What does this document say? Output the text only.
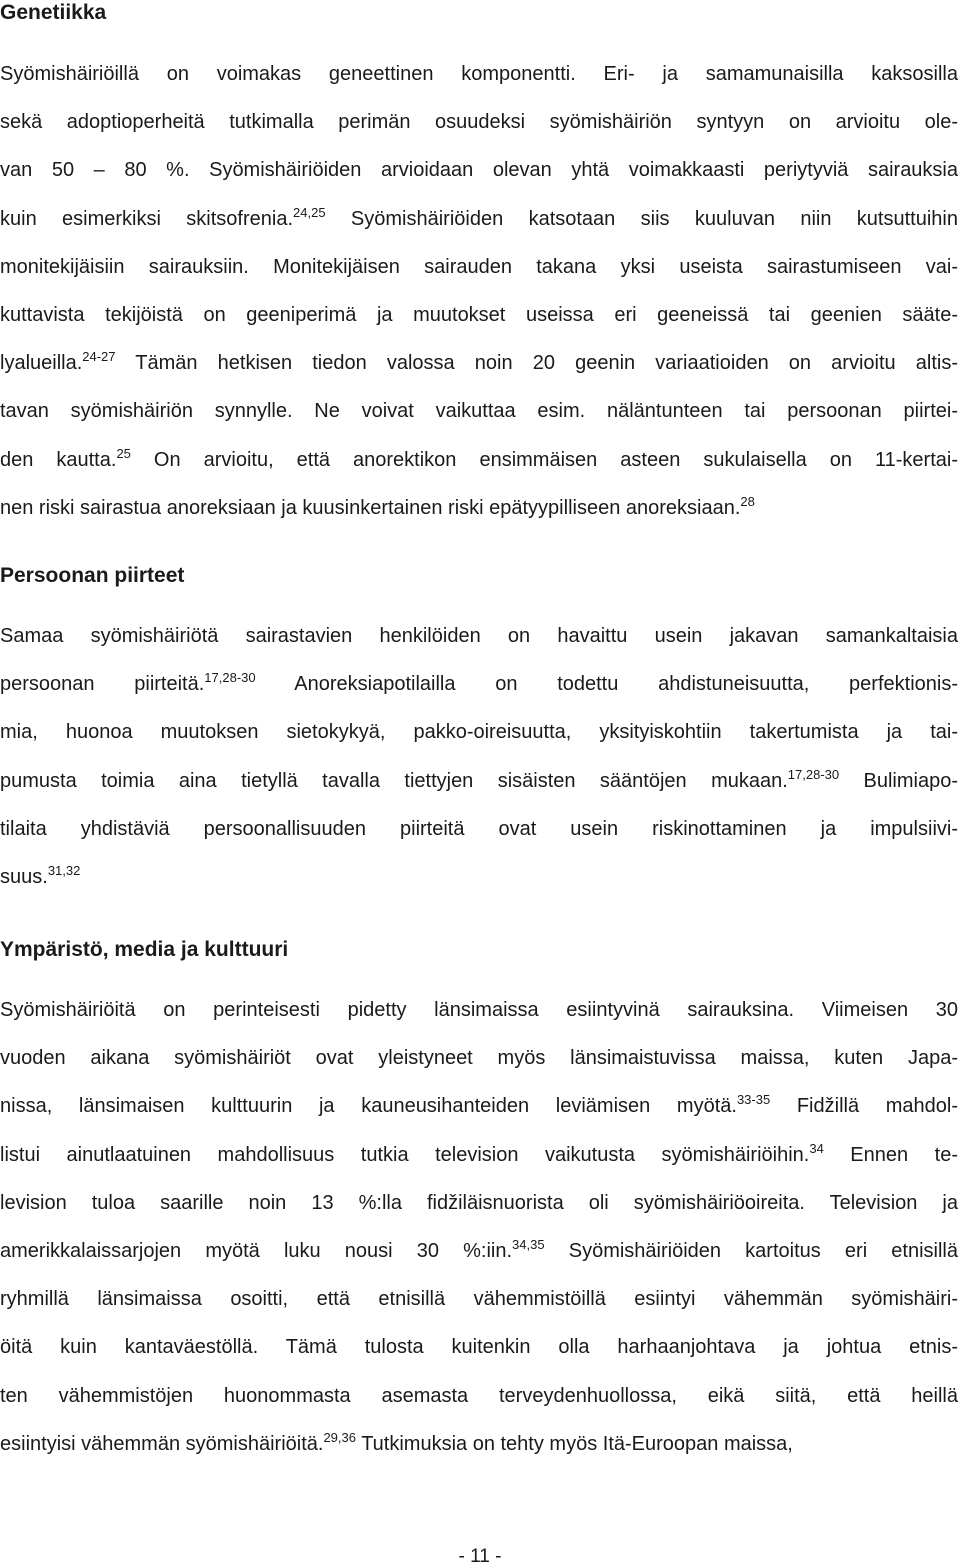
Genetiikka
Syömishäiriöillä on voimakas geneettinen komponentti. Eri- ja samamunaisilla kaksosilla
sekä adoptioperheitä tutkimalla perimän osuudeksi syömishäiriön syntyyn on arvioitu ole-
van 50 – 80 %. Syömishäiriöiden arvioidaan olevan yhtä voimakkaasti periytyviä sairauksia
kuin esimerkiksi skitsofrenia.$^{24,25}$ Syömishäiriöiden katsotaan siis kuuluvan niin kutsuttuihin
monitekijäisiin sairauksiin. Monitekijäisen sairauden takana yksi useista sairastumiseen vai-
kuttavista tekijöistä on geeniperimä ja muutokset useissa eri geeneissä tai geenien sääte-
lyalueilla.$^{24-27}$ Tämän hetkisen tiedon valossa noin 20 geenin variaatioiden on arvioitu altis-
tavan syömishäiriön synnylle. Ne voivat vaikuttaa esim. näläntunteen tai persoonan piirtei-
den kautta.$^{25}$ On arvioitu, että anorektikon ensimmäisen asteen sukulaisella on 11-kertai-
nen riski sairastua anoreksiaan ja kuusinkertainen riski epätyypilliseen anoreksiaan.$^{28}$
Persoonan piirteet
Samaa syömishäiriötä sairastavien henkilöiden on havaittu usein jakavan samankaltaisia
persoonan piirteitä.$^{17,28-30}$ Anoreksiapotilailla on todettu ahdistuneisuutta, perfektionis-
mia, huonoa muutoksen sietokykyä, pakko-oireisuutta, yksityiskohtiin takertumista ja tai-
pumusta toimia aina tietyllä tavalla tiettyjen sisäisten sääntöjen mukaan.$^{17,28-30}$ Bulimiapo-
tilaita yhdistäviä persoonallisuuden piirteitä ovat usein riskinottaminen ja impulsiivi-
suus.$^{31,32}$
Ympäristö, media ja kulttuuri
Syömishäiriöitä on perinteisesti pidetty länsimaissa esiintyvinä sairauksina. Viimeisen 30
vuoden aikana syömishäiriöt ovat yleistyneet myös länsimaistuvissa maissa, kuten Japa-
nissa, länsimaisen kulttuurin ja kauneusihanteiden leviämisen myötä.$^{33-35}$ Fidžillä mahdol-
listui ainutlaatuinen mahdollisuus tutkia television vaikutusta syömishäiriöihin.$^{34}$ Ennen te-
levision tuloa saarille noin 13 %:lla fidžiläisnuorista oli syömishäiriöoireita. Television ja
amerikkalaissarjojen myötä luku nousi 30 %:iin.$^{34,35}$ Syömishäiriöiden kartoitus eri etnisillä
ryhmillä länsimaissa osoitti, että etnisillä vähemmistöillä esiintyi vähemmän syömishäiri-
öitä kuin kantaväestöllä. Tämä tulosta kuitenkin olla harhaanjohtava ja johtua etnis-
ten vähemmistöjen huonommasta asemasta terveydenhuollossa, eikä siitä, että heillä
esiintyisi vähemmän syömishäiriöitä.$^{29,36}$ Tutkimuksia on tehty myös Itä-Euroopan maissa,
- 11 -
